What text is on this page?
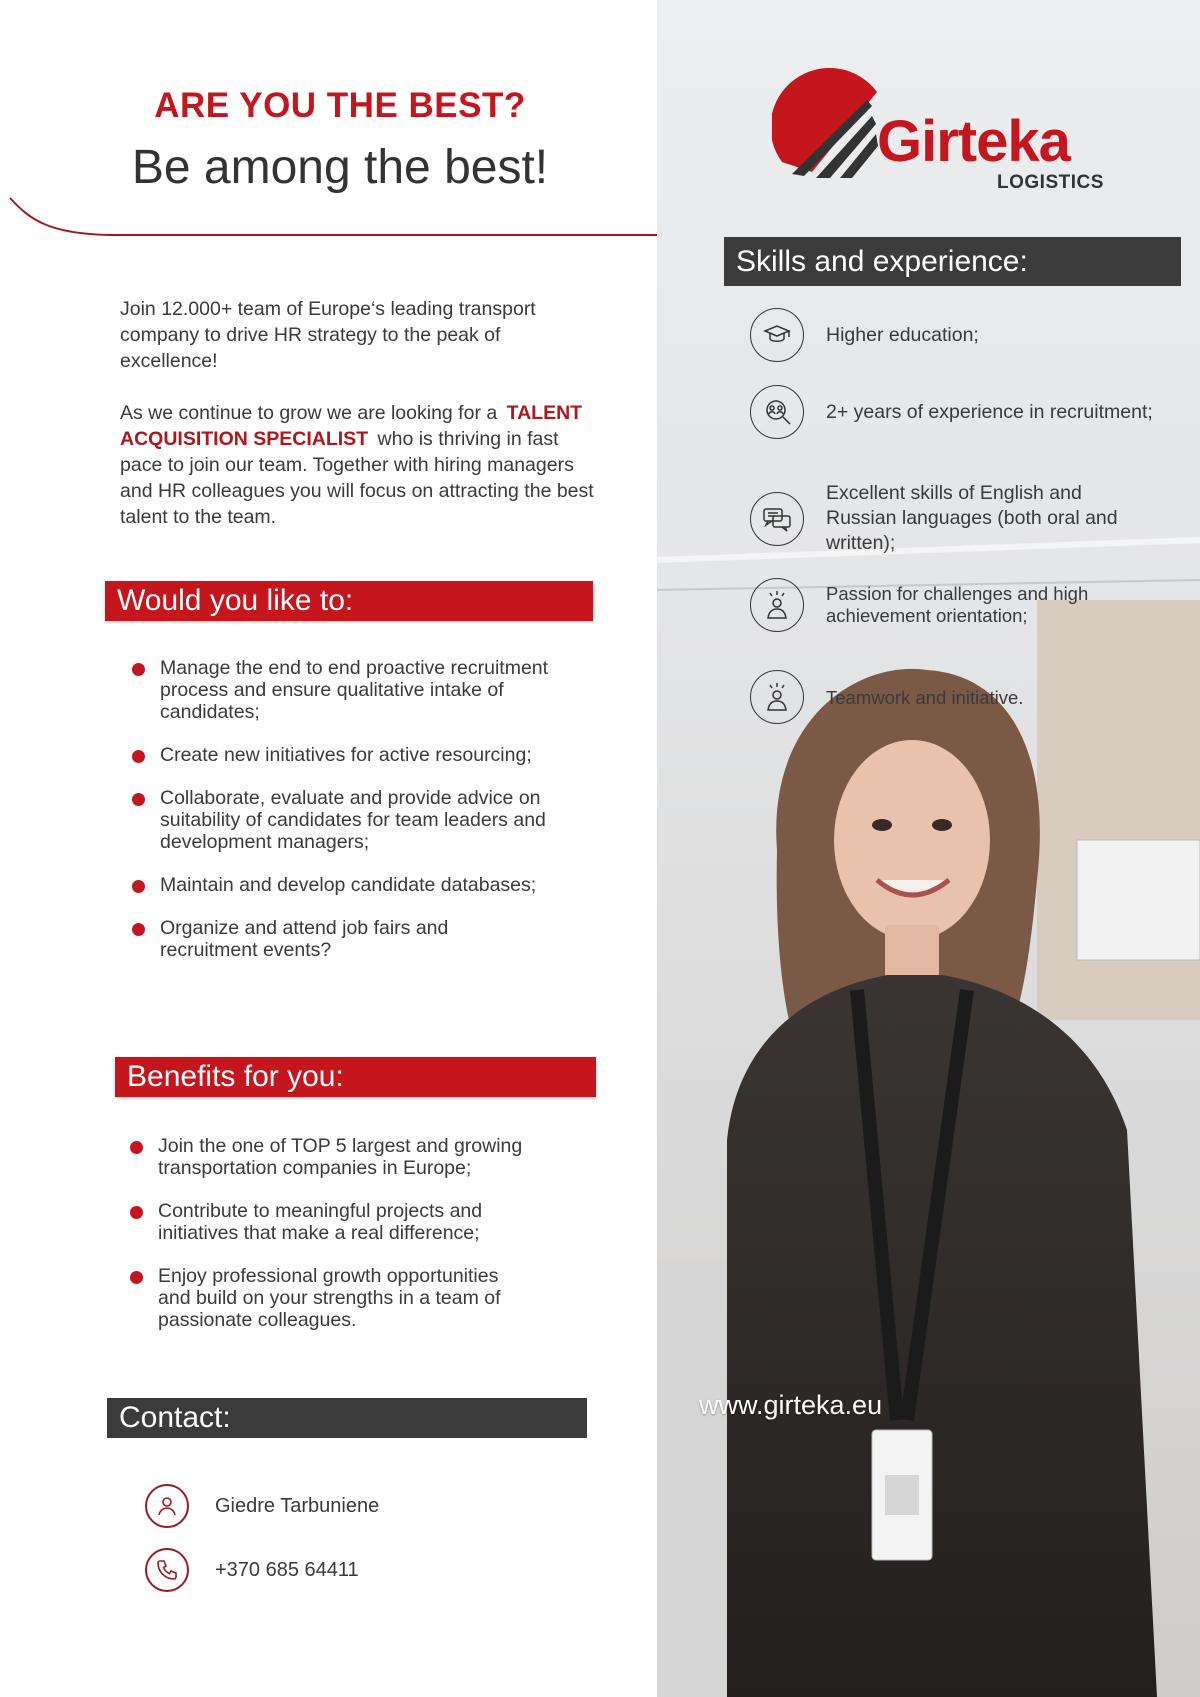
ARE YOU THE BEST?
Be among the best!

Join 12.000+ team of Europe‘s leading transport company to drive HR strategy to the peak of excellence!

As we continue to grow we are looking for a TALENT ACQUISITION SPECIALIST who is thriving in fast pace to join our team. Together with hiring managers and HR colleagues you will focus on attracting the best talent to the team.

Would you like to:
Manage the end to end proactive recruitment process and ensure qualitative intake of candidates;
Create new initiatives for active resourcing;
Collaborate, evaluate and provide advice on suitability of candidates for team leaders and development managers;
Maintain and develop candidate databases;
Organize and attend job fairs and recruitment events?
Benefits for you:
Join the one of TOP 5 largest and growing transportation companies in Europe;
Contribute to meaningful projects and initiatives that make a real difference;
Enjoy professional growth opportunities and build on your strengths in a team of passionate colleagues.
Contact:
Giedre Tarbuniene
+370 685 64411
Girteka
LOGISTICS
Skills and experience:
Higher education;
2+ years of experience in recruitment;
Excellent skills of English and Russian languages (both oral and written);
Passion for challenges and high achievement orientation;
Teamwork and initiative.
www.girteka.eu
